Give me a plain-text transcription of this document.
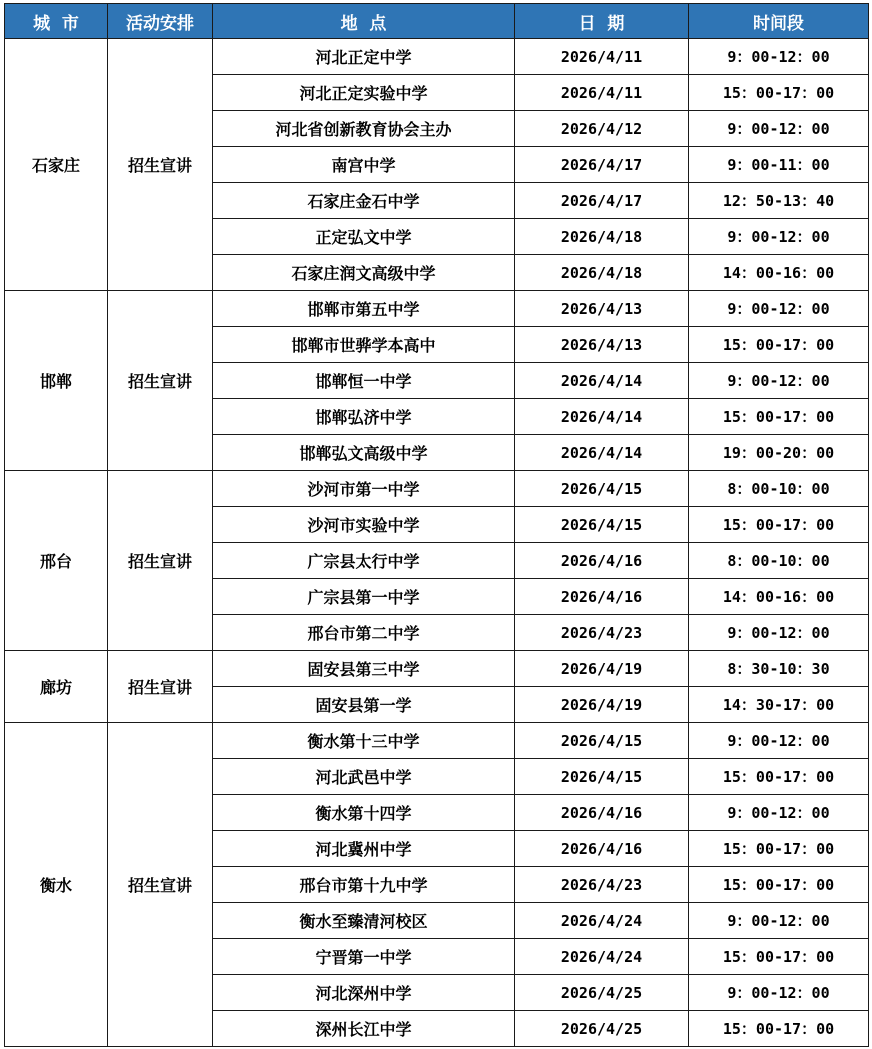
城  市	活动安排	地  点	日  期	时间段
石家庄	招生宣讲	河北正定中学	2026/4/11	9：00-12：00
		河北正定实验中学	2026/4/11	15：00-17：00
		河北省创新教育协会主办	2026/4/12	9：00-12：00
		南宫中学	2026/4/17	9：00-11：00
		石家庄金石中学	2026/4/17	12：50-13：40
		正定弘文中学	2026/4/18	9：00-12：00
		石家庄润文高级中学	2026/4/18	14：00-16：00
邯郸	招生宣讲	邯郸市第五中学	2026/4/13	9：00-12：00
		邯郸市世骅学本高中	2026/4/13	15：00-17：00
		邯郸恒一中学	2026/4/14	9：00-12：00
		邯郸弘济中学	2026/4/14	15：00-17：00
		邯郸弘文高级中学	2026/4/14	19：00-20：00
邢台	招生宣讲	沙河市第一中学	2026/4/15	8：00-10：00
		沙河市实验中学	2026/4/15	15：00-17：00
		广宗县太行中学	2026/4/16	8：00-10：00
		广宗县第一中学	2026/4/16	14：00-16：00
		邢台市第二中学	2026/4/23	9：00-12：00
廊坊	招生宣讲	固安县第三中学	2026/4/19	8：30-10：30
		固安县第一学	2026/4/19	14：30-17：00
衡水	招生宣讲	衡水第十三中学	2026/4/15	9：00-12：00
		河北武邑中学	2026/4/15	15：00-17：00
		衡水第十四学	2026/4/16	9：00-12：00
		河北冀州中学	2026/4/16	15：00-17：00
		邢台市第十九中学	2026/4/23	15：00-17：00
		衡水至臻清河校区	2026/4/24	9：00-12：00
		宁晋第一中学	2026/4/24	15：00-17：00
		河北深州中学	2026/4/25	9：00-12：00
		深州长江中学	2026/4/25	15：00-17：00
